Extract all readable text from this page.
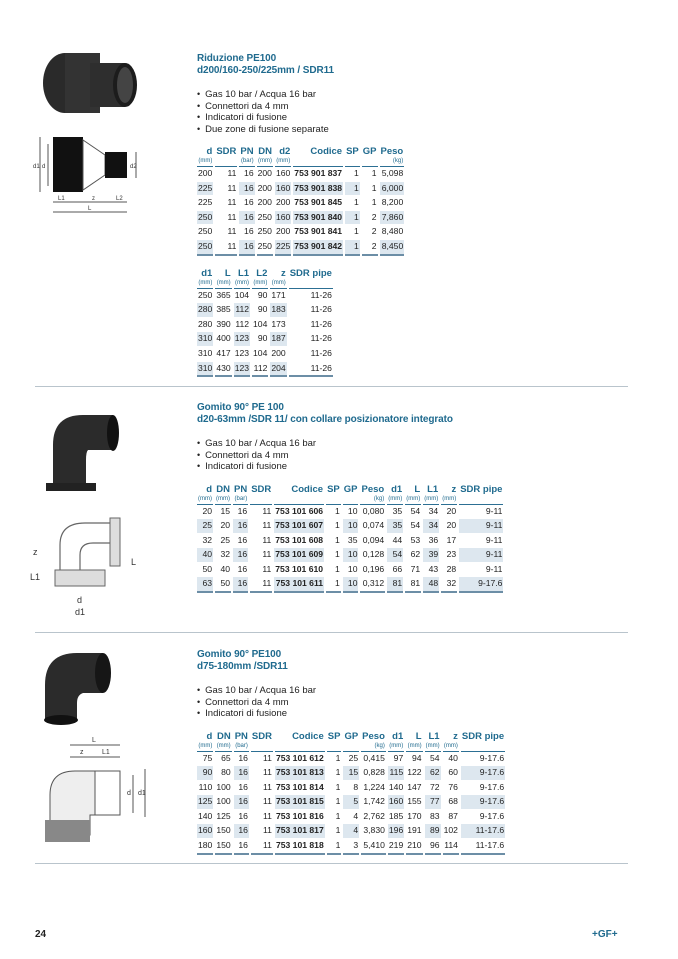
Riduzione PE100
d200/160-250/225mm / SDR11
• Gas 10 bar / Acqua 16 bar
• Connettori da 4 mm
• Indicatori di fusione
• Due zone di fusione separate
d	SDR	PN	DN	d2	Codice	SP	GP	Peso
(mm)		(bar)	(mm)	(mm)				(kg)
200	11	16	200	160	753 901 837	1	1	5,098
225	11	16	200	160	753 901 838	1	1	6,000
225	11	16	200	200	753 901 845	1	1	8,200
250	11	16	250	160	753 901 840	1	2	7,860
250	11	16	250	200	753 901 841	1	2	8,480
250	11	16	250	225	753 901 842	1	2	8,450
d1	L	L1	L2	z	SDR pipe
(mm)	(mm)	(mm)	(mm)	(mm)	
250	365	104	90	171	11-26
280	385	112	90	183	11-26
280	390	112	104	173	11-26
310	400	123	90	187	11-26
310	417	123	104	200	11-26
310	430	123	112	204	11-26
d1 d	d2
L1	z	L2
L
Gomito 90° PE 100
d20-63mm /SDR 11/ con collare posizionatore integrato
• Gas 10 bar / Acqua 16 bar
• Connettori da 4 mm
• Indicatori di fusione
d	DN	PN	SDR	Codice	SP	GP	Peso	d1	L	L1	z	SDR pipe
(mm)	(mm)	(bar)					(kg)	(mm)	(mm)	(mm)	(mm)	
20	15	16	11	753 101 606	1	10	0,080	35	54	34	20	9-11
25	20	16	11	753 101 607	1	10	0,074	35	54	34	20	9-11
32	25	16	11	753 101 608	1	35	0,094	44	53	36	17	9-11
40	32	16	11	753 101 609	1	10	0,128	54	62	39	23	9-11
50	40	16	11	753 101 610	1	10	0,196	66	71	43	28	9-11
63	50	16	11	753 101 611	1	10	0,312	81	81	48	32	9-17.6
z
L1
L
d
d1
Gomito 90° PE100
d75-180mm /SDR11
• Gas 10 bar / Acqua 16 bar
• Connettori da 4 mm
• Indicatori di fusione
d	DN	PN	SDR	Codice	SP	GP	Peso	d1	L	L1	z	SDR pipe
(mm)	(mm)	(bar)					(kg)	(mm)	(mm)	(mm)	(mm)	
75	65	16	11	753 101 612	1	25	0,415	97	94	54	40	9-17.6
90	80	16	11	753 101 813	1	15	0,828	115	122	62	60	9-17.6
110	100	16	11	753 101 814	1	8	1,224	140	147	72	76	9-17.6
125	100	16	11	753 101 815	1	5	1,742	160	155	77	68	9-17.6
140	125	16	11	753 101 816	1	4	2,762	185	170	83	87	9-17.6
160	150	16	11	753 101 817	1	4	3,830	196	191	89	102	11-17.6
180	150	16	11	753 101 818	1	3	5,410	219	210	96	114	11-17.6
L
z	L1
d d1
24	+GF+
